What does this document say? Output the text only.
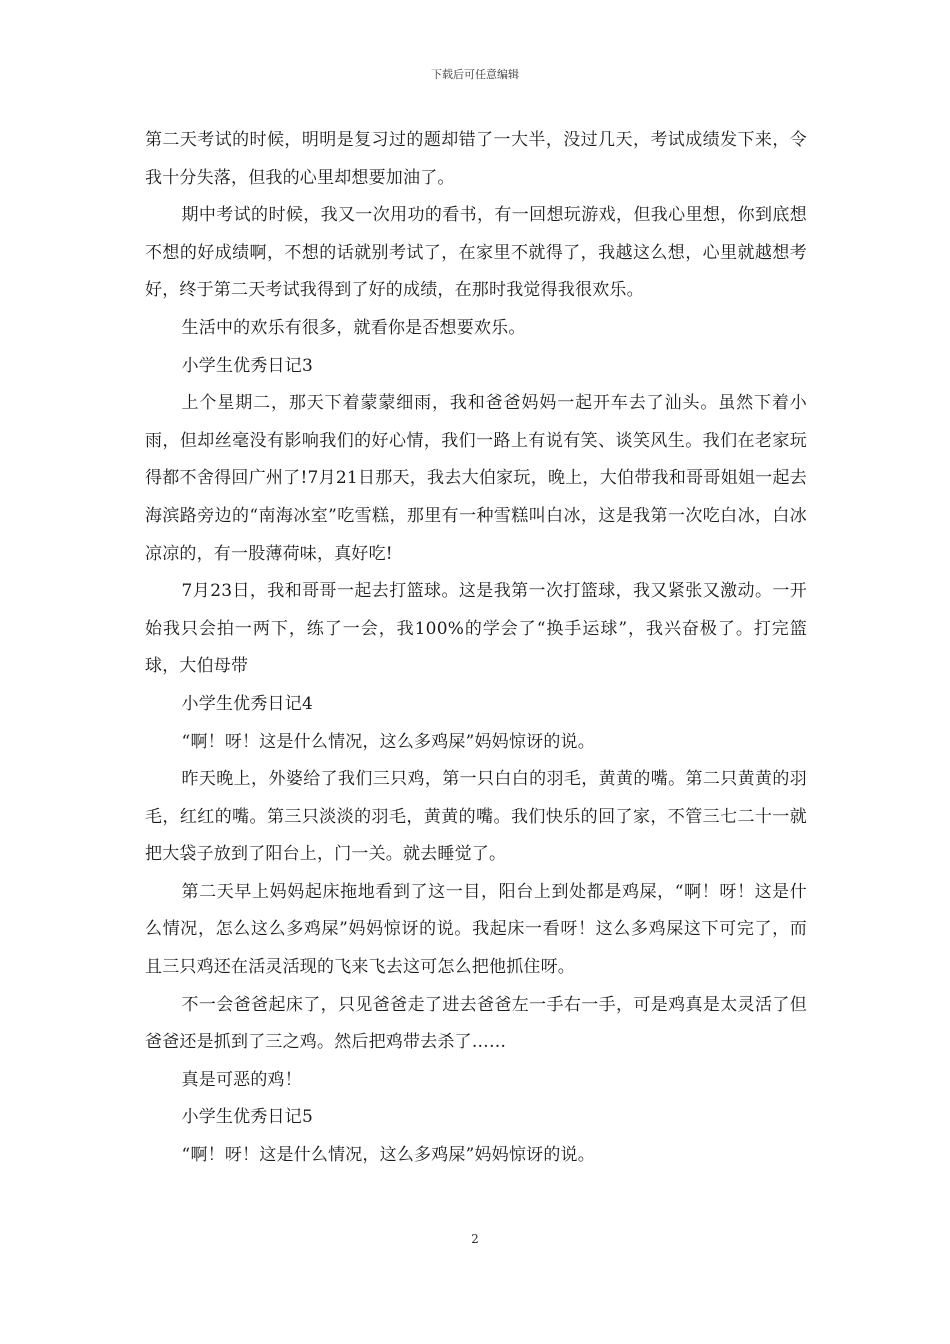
下载后可任意编辑

第二天考试的时候，明明是复习过的题却错了一大半，没过几天，考试成绩发下来，令我十分失落，但我的心里却想要加油了。

期中考试的时候，我又一次用功的看书，有一回想玩游戏，但我心里想，你到底想不想的好成绩啊，不想的话就别考试了，在家里不就得了，我越这么想，心里就越想考好，终于第二天考试我得到了好的成绩，在那时我觉得我很欢乐。

生活中的欢乐有很多，就看你是否想要欢乐。

小学生优秀日记3

上个星期二，那天下着蒙蒙细雨，我和爸爸妈妈一起开车去了汕头。虽然下着小雨，但却丝毫没有影响我们的好心情，我们一路上有说有笑、谈笑风生。我们在老家玩得都不舍得回广州了!7月21日那天，我去大伯家玩，晚上，大伯带我和哥哥姐姐一起去海滨路旁边的“南海冰室”吃雪糕，那里有一种雪糕叫白冰，这是我第一次吃白冰，白冰凉凉的，有一股薄荷味，真好吃!

7月23日，我和哥哥一起去打篮球。这是我第一次打篮球，我又紧张又激动。一开始我只会拍一两下，练了一会，我100%的学会了“换手运球”，我兴奋极了。打完篮球，大伯母带

小学生优秀日记4

“啊！呀！这是什么情况，这么多鸡屎”妈妈惊讶的说。

昨天晚上，外婆给了我们三只鸡，第一只白白的羽毛，黄黄的嘴。第二只黄黄的羽毛，红红的嘴。第三只淡淡的羽毛，黄黄的嘴。我们快乐的回了家，不管三七二十一就把大袋子放到了阳台上，门一关。就去睡觉了。

第二天早上妈妈起床拖地看到了这一目，阳台上到处都是鸡屎，“啊！呀！这是什么情况，怎么这么多鸡屎”妈妈惊讶的说。我起床一看呀！这么多鸡屎这下可完了，而且三只鸡还在活灵活现的飞来飞去这可怎么把他抓住呀。

不一会爸爸起床了，只见爸爸走了进去爸爸左一手右一手，可是鸡真是太灵活了但爸爸还是抓到了三之鸡。然后把鸡带去杀了……

真是可恶的鸡！

小学生优秀日记5

“啊！呀！这是什么情况，这么多鸡屎”妈妈惊讶的说。

2
